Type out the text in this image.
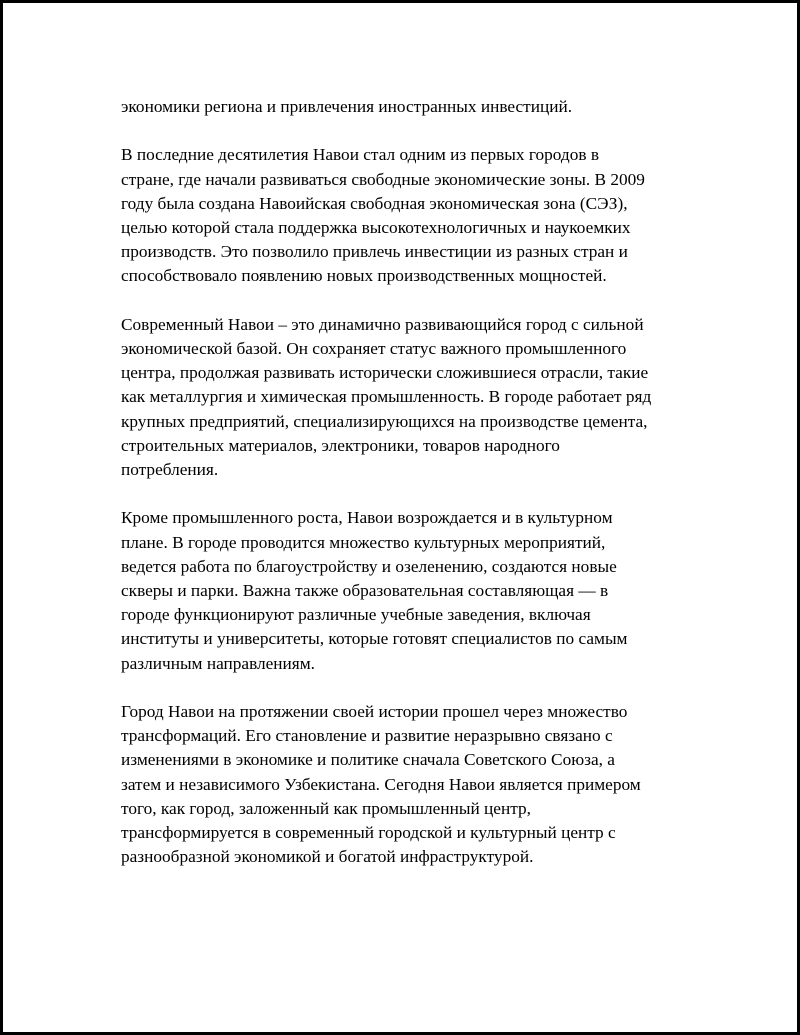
экономики региона и привлечения иностранных инвестиций.

В последние десятилетия Навои стал одним из первых городов в
стране, где начали развиваться свободные экономические зоны. В 2009
году была создана Навоийская свободная экономическая зона (СЭЗ),
целью которой стала поддержка высокотехнологичных и наукоемких
производств. Это позволило привлечь инвестиции из разных стран и
способствовало появлению новых производственных мощностей.

Современный Навои – это динамично развивающийся город с сильной
экономической базой. Он сохраняет статус важного промышленного
центра, продолжая развивать исторически сложившиеся отрасли, такие
как металлургия и химическая промышленность. В городе работает ряд
крупных предприятий, специализирующихся на производстве цемента,
строительных материалов, электроники, товаров народного
потребления.

Кроме промышленного роста, Навои возрождается и в культурном
плане. В городе проводится множество культурных мероприятий,
ведется работа по благоустройству и озеленению, создаются новые
скверы и парки. Важна также образовательная составляющая — в
городе функционируют различные учебные заведения, включая
институты и университеты, которые готовят специалистов по самым
различным направлениям.

Город Навои на протяжении своей истории прошел через множество
трансформаций. Его становление и развитие неразрывно связано с
изменениями в экономике и политике сначала Советского Союза, а
затем и независимого Узбекистана. Сегодня Навои является примером
того, как город, заложенный как промышленный центр,
трансформируется в современный городской и культурный центр с
разнообразной экономикой и богатой инфраструктурой.
